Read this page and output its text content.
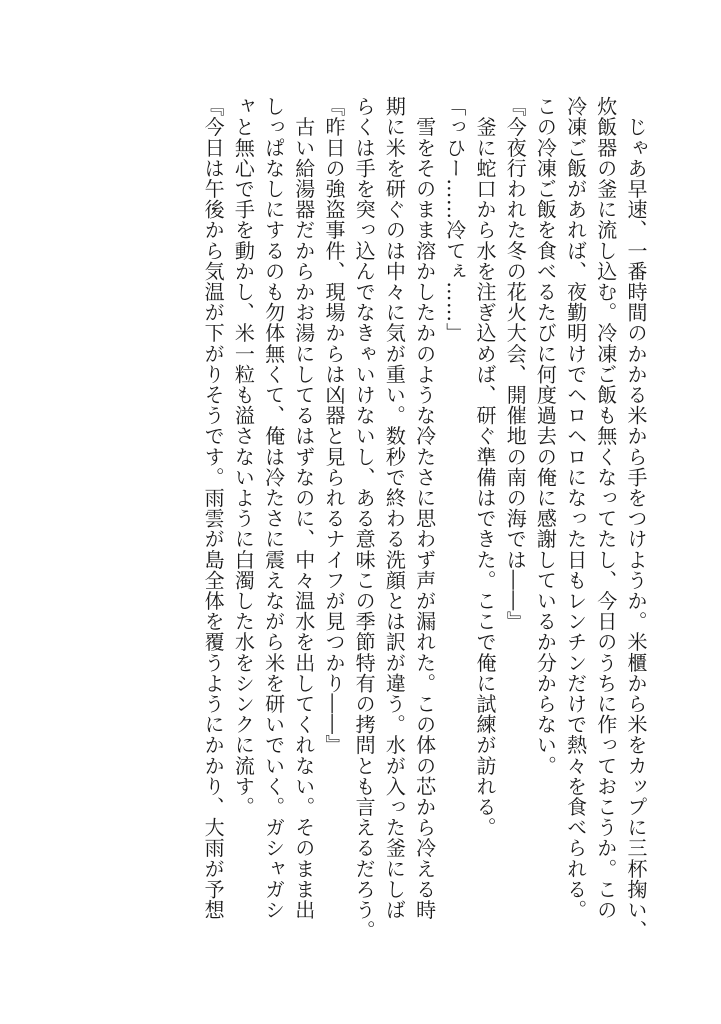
　じゃあ早速、一番時間のかかる米から手をつけようか。米櫃から米をカップに三杯掬い、
炊飯器の釜に流し込む。冷凍ご飯も無くなってたし、今日のうちに作っておこうか。この
冷凍ご飯があれば、夜勤明けでヘロヘロになった日もレンチンだけで熱々を食べられる。
この冷凍ご飯を食べるたびに何度過去の俺に感謝しているか分からない。
『今夜行われた冬の花火大会、開催地の南の海では――』
　釜に蛇口から水を注ぎ込めば、研ぐ準備はできた。ここで俺に試練が訪れる。
「っひー……冷てぇ……」
　雪をそのまま溶かしたかのような冷たさに思わず声が漏れた。この体の芯から冷える時
期に米を研ぐのは中々に気が重い。数秒で終わる洗顔とは訳が違う。水が入った釜にしば
らくは手を突っ込んでなきゃいけないし、ある意味この季節特有の拷問とも言えるだろう。
『昨日の強盗事件、現場からは凶器と見られるナイフが見つかり――』
　古い給湯器だからかお湯にしてるはずなのに、中々温水を出してくれない。そのまま出
しっぱなしにするのも勿体無くて、俺は冷たさに震えながら米を研いでいく。ガシャガシ
ャと無心で手を動かし、米一粒も溢さないように白濁した水をシンクに流す。
『今日は午後から気温が下がりそうです。雨雲が島全体を覆うようにかかり、大雨が予想
